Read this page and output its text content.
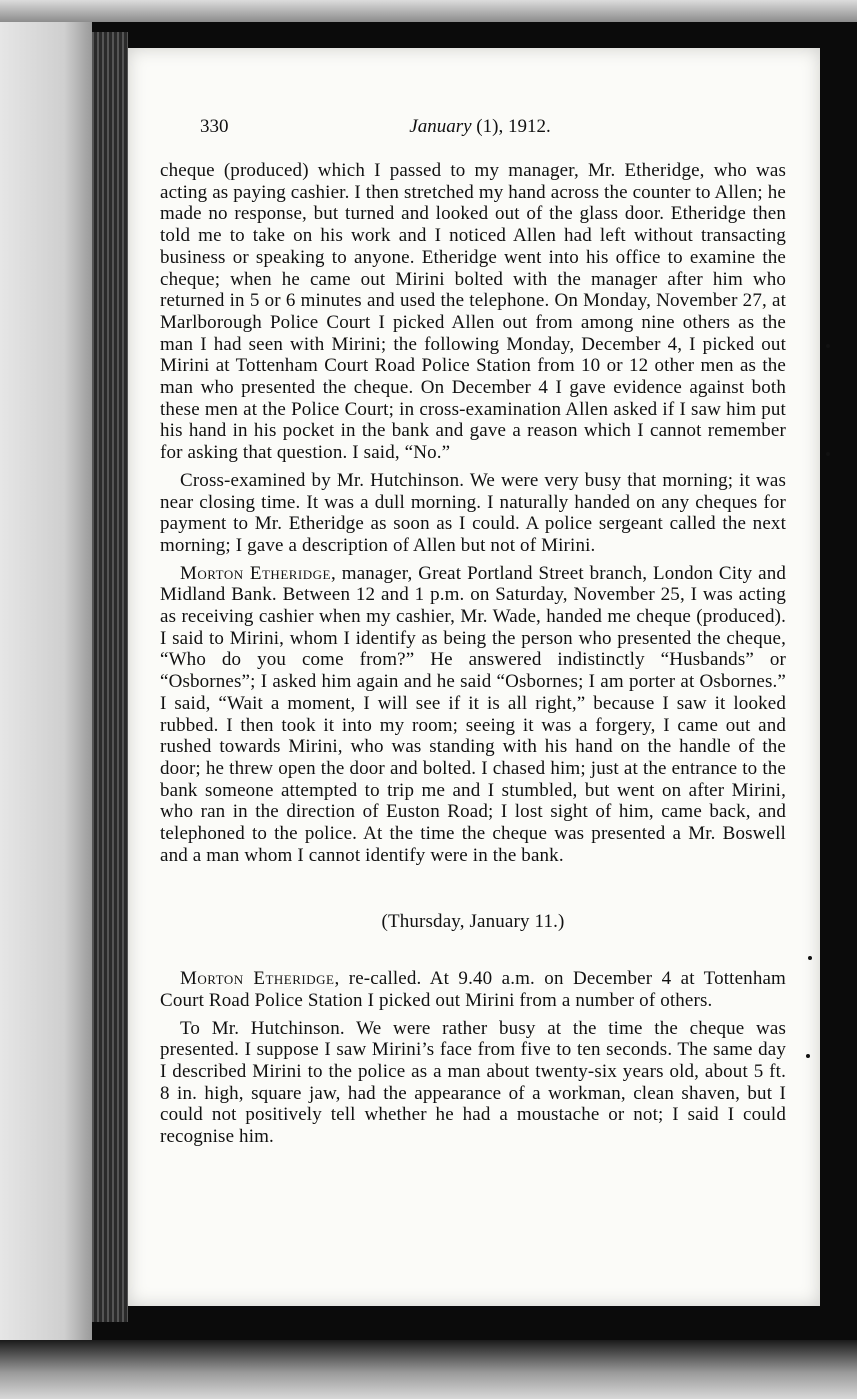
330	January (1), 1912.

cheque (produced) which I passed to my manager, Mr. Etheridge, who was acting as paying cashier. I then stretched my hand across the counter to Allen; he made no response, but turned and looked out of the glass door. Etheridge then told me to take on his work and I noticed Allen had left without transacting business or speaking to anyone. Etheridge went into his office to examine the cheque; when he came out Mirini bolted with the manager after him who returned in 5 or 6 minutes and used the telephone. On Monday, November 27, at Marlborough Police Court I picked Allen out from among nine others as the man I had seen with Mirini; the following Monday, December 4, I picked out Mirini at Tottenham Court Road Police Station from 10 or 12 other men as the man who presented the cheque. On December 4 I gave evidence against both these men at the Police Court; in cross-examination Allen asked if I saw him put his hand in his pocket in the bank and gave a reason which I cannot remember for asking that question. I said, “No.”

Cross-examined by Mr. Hutchinson. We were very busy that morning; it was near closing time. It was a dull morning. I naturally handed on any cheques for payment to Mr. Etheridge as soon as I could. A police sergeant called the next morning; I gave a description of Allen but not of Mirini.

Morton Etheridge, manager, Great Portland Street branch, London City and Midland Bank. Between 12 and 1 p.m. on Saturday, November 25, I was acting as receiving cashier when my cashier, Mr. Wade, handed me cheque (produced). I said to Mirini, whom I identify as being the person who presented the cheque, “Who do you come from?” He answered indistinctly “Husbands” or “Osbornes”; I asked him again and he said “Osbornes; I am porter at Osbornes.” I said, “Wait a moment, I will see if it is all right,” because I saw it looked rubbed. I then took it into my room; seeing it was a forgery, I came out and rushed towards Mirini, who was standing with his hand on the handle of the door; he threw open the door and bolted. I chased him; just at the entrance to the bank someone attempted to trip me and I stumbled, but went on after Mirini, who ran in the direction of Euston Road; I lost sight of him, came back, and telephoned to the police. At the time the cheque was presented a Mr. Boswell and a man whom I cannot identify were in the bank.

(Thursday, January 11.)

Morton Etheridge, re-called. At 9.40 a.m. on December 4 at Tottenham Court Road Police Station I picked out Mirini from a number of others.

To Mr. Hutchinson. We were rather busy at the time the cheque was presented. I suppose I saw Mirini’s face from five to ten seconds. The same day I described Mirini to the police as a man about twenty-six years old, about 5 ft. 8 in. high, square jaw, had the appearance of a workman, clean shaven, but I could not positively tell whether he had a moustache or not; I said I could recognise him.
